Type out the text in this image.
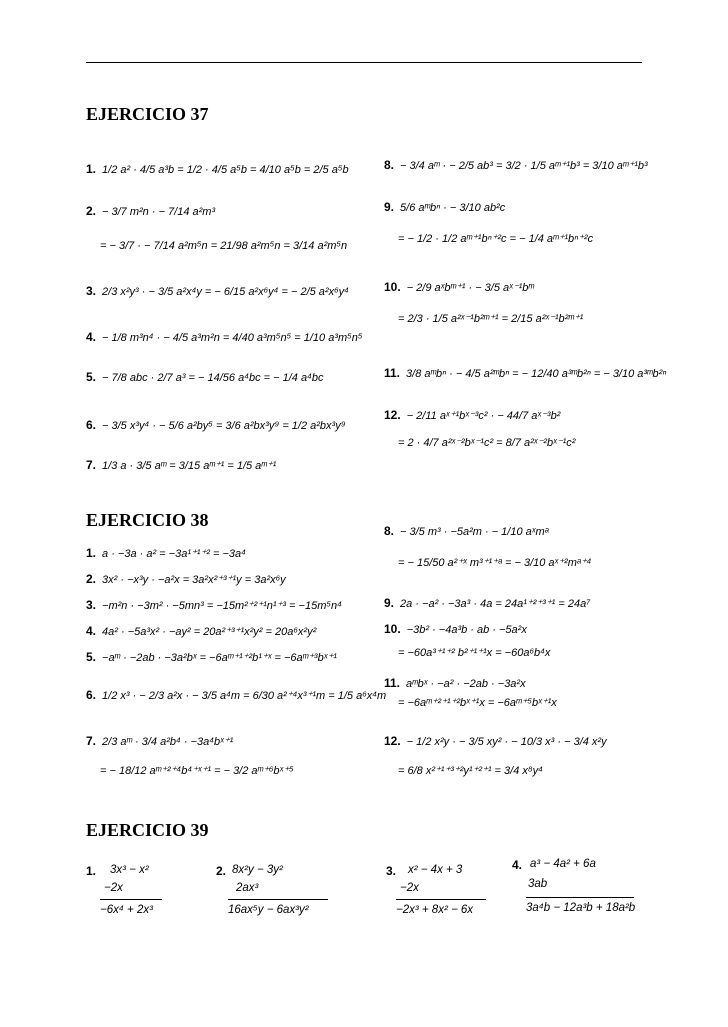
EJERCICIO 37
EJERCICIO 38
EJERCICIO 39
1. 1/2 a² · 4/5 a³b = 1/2 · 4/5 a⁵b = 4/10 a⁵b = 2/5 a⁵b
2. − 3/7 m²n · − 7/14 a²m³
= − 3/7 · − 7/14 a²m⁵n = 21/98 a²m⁵n = 3/14 a²m⁵n
3. 2/3 x²y³ · − 3/5 a²x⁴y = − 6/15 a²x⁶y⁴ = − 2/5 a²x⁶y⁴
4. − 1/8 m³n⁴ · − 4/5 a³m²n = 4/40 a³m⁵n⁵ = 1/10 a³m⁵n⁵
5. − 7/8 abc · 2/7 a³ = − 14/56 a⁴bc = − 1/4 a⁴bc
6. − 3/5 x³y⁴ · − 5/6 a²by⁵ = 3/6 a²bx³y⁹ = 1/2 a²bx³y⁹
7. 1/3 a · 3/5 aᵐ = 3/15 aᵐ⁺¹ = 1/5 aᵐ⁺¹
8. − 3/4 aᵐ · − 2/5 ab³ = 3/2 · 1/5 aᵐ⁺¹b³ = 3/10 aᵐ⁺¹b³
9. 5/6 aᵐbⁿ · − 3/10 ab²c
= − 1/2 · 1/2 aᵐ⁺¹bⁿ⁺²c = − 1/4 aᵐ⁺¹bⁿ⁺²c
10. − 2/9 aˣbᵐ⁺¹ · − 3/5 aˣ⁻¹bᵐ
= 2/3 · 1/5 a²ˣ⁻¹b²ᵐ⁺¹ = 2/15 a²ˣ⁻¹b²ᵐ⁺¹
11. 3/8 aᵐbⁿ · − 4/5 a²ᵐbⁿ = − 12/40 a³ᵐb²ⁿ = − 3/10 a³ᵐb²ⁿ
12. − 2/11 aˣ⁺¹bˣ⁻³c² · − 44/7 aˣ⁻³b²
= 2 · 4/7 a²ˣ⁻²bˣ⁻¹c² = 8/7 a²ˣ⁻²bˣ⁻¹c²
1. a · −3a · a² = −3a¹⁺¹⁺² = −3a⁴
2. 3x² · −x³y · −a²x = 3a²x²⁺³⁺¹y = 3a²x⁶y
3. −m²n · −3m² · −5mn³ = −15m²⁺²⁺¹n¹⁺³ = −15m⁵n⁴
4. 4a² · −5a³x² · −ay² = 20a²⁺³⁺¹x²y² = 20a⁶x²y²
5. −aᵐ · −2ab · −3a²bˣ = −6aᵐ⁺¹⁺²b¹⁺ˣ = −6aᵐ⁺³bˣ⁺¹
6. 1/2 x³ · − 2/3 a²x · − 3/5 a⁴m = 6/30 a²⁺⁴x³⁺¹m = 1/5 a⁶x⁴m
7. 2/3 aᵐ · 3/4 a²b⁴ · −3a⁴bˣ⁺¹
= − 18/12 aᵐ⁺²⁺⁴b⁴⁺ˣ⁺¹ = − 3/2 aᵐ⁺⁶bˣ⁺⁵
8. − 3/5 m³ · −5a²m · − 1/10 aˣmᵃ
= − 15/50 a²⁺ˣ m³⁺¹⁺ᵃ = − 3/10 aˣ⁺²mᵃ⁺⁴
9. 2a · −a² · −3a³ · 4a = 24a¹⁺²⁺³⁺¹ = 24a⁷
10. −3b² · −4a³b · ab · −5a²x
= −60a³⁺¹⁺² b²⁺¹⁺¹x = −60a⁶b⁴x
11. aᵐbˣ · −a² · −2ab · −3a²x
= −6aᵐ⁺²⁺¹⁺²bˣ⁺¹x = −6aᵐ⁺⁵bˣ⁺¹x
12. − 1/2 x²y · − 3/5 xy² · − 10/3 x³ · − 3/4 x²y
= 6/8 x²⁺¹⁺³⁺²y¹⁺²⁺¹ = 3/4 x⁸y⁴
1. 3x³ − x²
−2x
−6x⁴ + 2x³
2. 8x²y − 3y²
2ax³
16ax⁵y − 6ax³y²
3. x² − 4x + 3
−2x
−2x³ + 8x² − 6x
4. a³ − 4a² + 6a
3ab
3a⁴b − 12a³b + 18a²b
